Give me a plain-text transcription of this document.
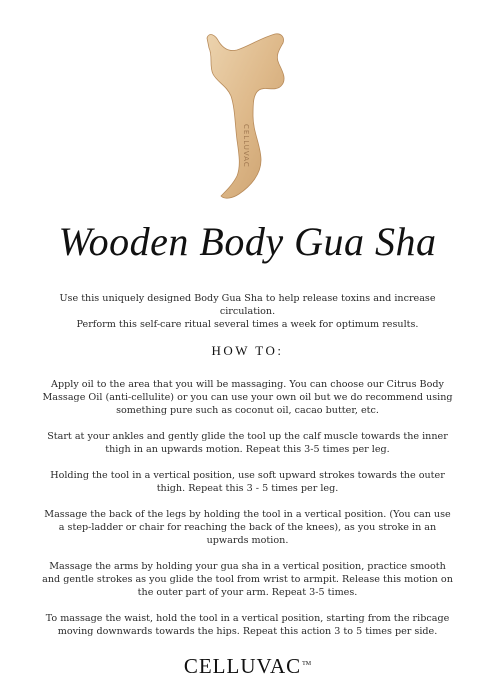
CELLUVAC
Wooden Body Gua Sha

Use this uniquely designed Body Gua Sha to help release toxins and increase circulation.

Perform this self-care ritual several times a week for optimum results.

HOW TO:

Apply oil to the area that you will be massaging. You can choose our Citrus Body Massage Oil (anti-cellulite) or you can use your own oil but we do recommend using something pure such as coconut oil, cacao butter, etc.

Start at your ankles and gently glide the tool up the calf muscle towards the inner thigh in an upwards motion. Repeat this 3-5 times per leg.

Holding the tool in a vertical position, use soft upward strokes towards the outer thigh. Repeat this 3 - 5 times per leg.

Massage the back of the legs by holding the tool in a vertical position. (You can use a step-ladder or chair for reaching the back of the knees), as you stroke in an upwards motion.

Massage the arms by holding your gua sha in a vertical position, practice smooth and gentle strokes as you glide the tool from wrist to armpit. Release this motion on the outer part of your arm. Repeat 3-5 times.

To massage the waist, hold the tool in a vertical position, starting from the ribcage moving downwards towards the hips. Repeat this action 3 to 5 times per side.

CELLUVAC™
